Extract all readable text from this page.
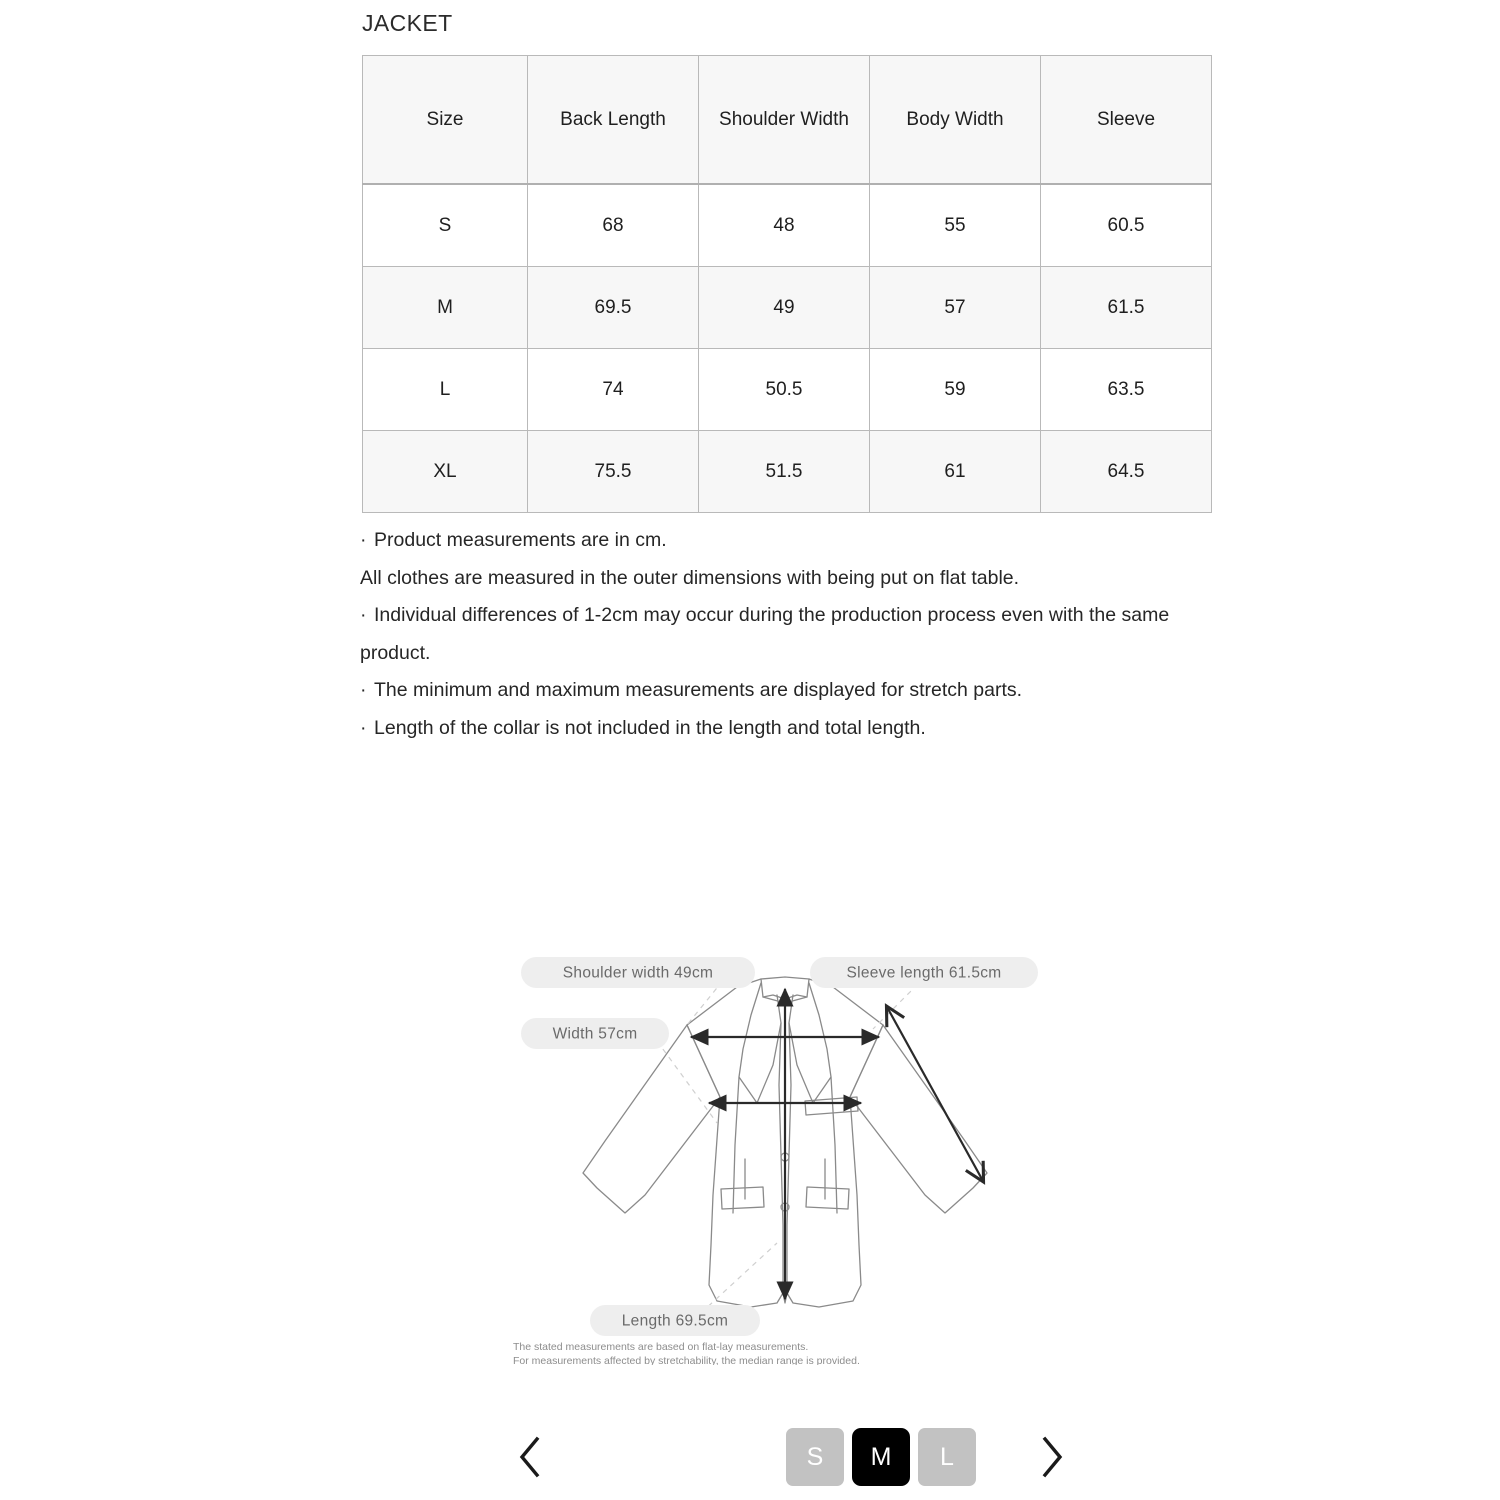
JACKET
Size	Back Length	Shoulder Width	Body Width	Sleeve
S	68	48	55	60.5
M	69.5	49	57	61.5
L	74	50.5	59	63.5
XL	75.5	51.5	61	64.5

· Product measurements are in cm.

All clothes are measured in the outer dimensions with being put on flat table.

· Individual differences of 1-2cm may occur during the production process even with the same product.

· The minimum and maximum measurements are displayed for stretch parts.

· Length of the collar is not included in the length and total length.

Shoulder width 49cm	Sleeve length 61.5cm
Width 57cm
Length 69.5cm
The stated measurements are based on flat-lay measurements.
For measurements affected by stretchability, the median range is provided.
S M L
